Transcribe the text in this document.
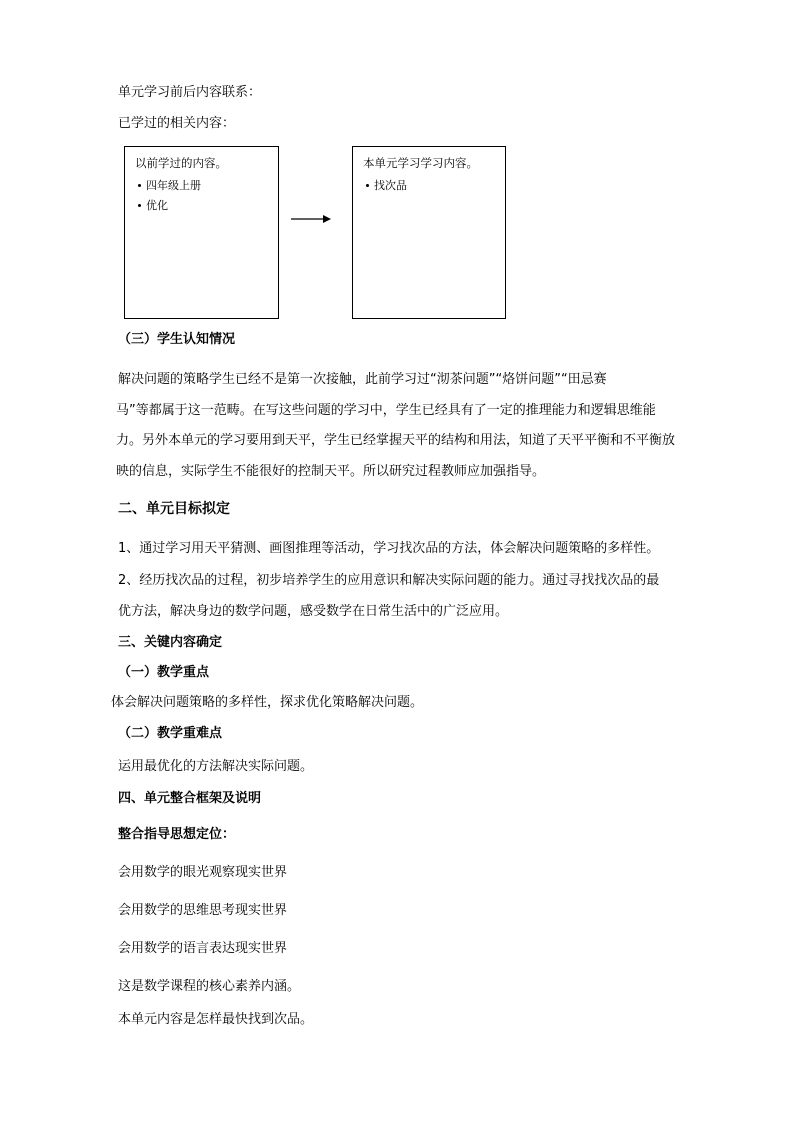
单元学习前后内容联系：
已学过的相关内容：
以前学过的内容。
四年级上册
优化
本单元学习学习内容。
找次品
（三）学生认知情况
解决问题的策略学生已经不是第一次接触，此前学习过“沏茶问题”“烙饼问题”“田忌赛
马”等都属于这一范畴。在写这些问题的学习中，学生已经具有了一定的推理能力和逻辑思维能
力。另外本单元的学习要用到天平，学生已经掌握天平的结构和用法，知道了天平平衡和不平衡放
映的信息，实际学生不能很好的控制天平。所以研究过程教师应加强指导。
二、单元目标拟定
1、通过学习用天平猜测、画图推理等活动，学习找次品的方法，体会解决问题策略的多样性。
2、经历找次品的过程，初步培养学生的应用意识和解决实际问题的能力。通过寻找找次品的最
优方法，解决身边的数学问题，感受数学在日常生活中的广泛应用。
三、关键内容确定
（一）教学重点
体会解决问题策略的多样性，探求优化策略解决问题。
（二）教学重难点
运用最优化的方法解决实际问题。
四、单元整合框架及说明
整合指导思想定位：
会用数学的眼光观察现实世界
会用数学的思维思考现实世界
会用数学的语言表达现实世界
这是数学课程的核心素养内涵。
本单元内容是怎样最快找到次品。
